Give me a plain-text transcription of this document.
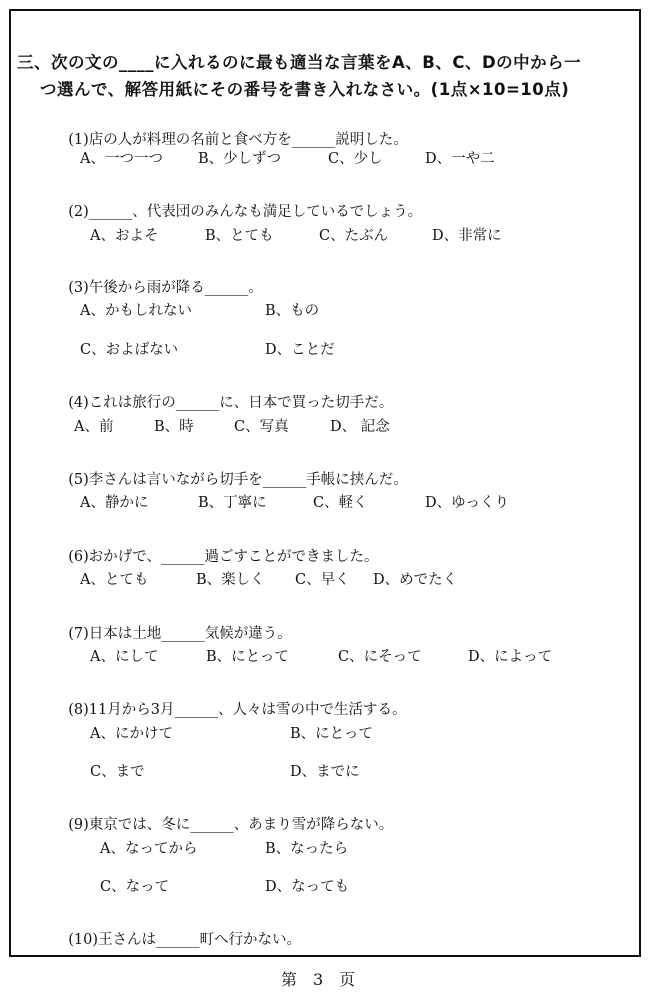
三、次の文の____に入れるのに最も適当な言葉をA、B、C、Dの中から一
つ選んで、解答用紙にその番号を書き入れなさい。(1点×10=10点)

(1)店の人が料理の名前と食べ方を______説明した。

A、一つ一つ B、少しずつ	C、少し	D、一や二

(2)______、代表団のみんなも満足しているでしょう。

A、およそ	B、とても	C、たぶん	D、非常に

(3)午後から雨が降る______。

A、かもしれない	B、もの
C、およばない	D、ことだ

(4)これは旅行の______に、日本で買った切手だ。

A、前	B、時	C、写真	D、 記念

(5)李さんは言いながら切手を______手帳に挟んだ。

A、静かに	B、丁寧に	C、軽く	D、ゆっくり

(6)おかげで、______過ごすことができました。

A、とても	B、楽しく C、早く D、めでたく

(7)日本は土地______気候が違う。

A、にして	B、にとって	C、にそって	D、によって

(8)11月から3月______、人々は雪の中で生活する。

A、にかけて	B、にとって
C、まで	D、までに

(9)東京では、冬に______、あまり雪が降らない。

A、なってから	B、なったら
C、なって	D、なっても

(10)王さんは______町へ行かない。

第　3　页
